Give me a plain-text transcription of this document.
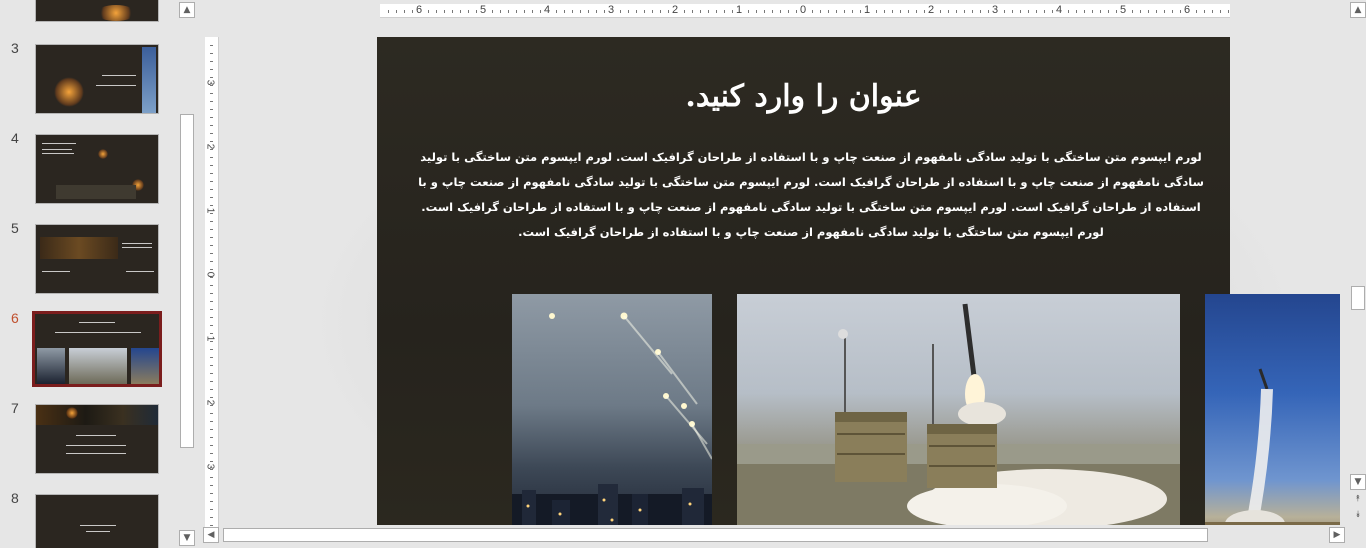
3
4
5
6
7
8
▲
▼
6	5	4	3	2	1	0	1	2	3	4	5	6
3
2
1
0
1
2
3
عنوان را وارد کنید.
لورم ایپسوم متن ساختگی با تولید سادگی نامفهوم از صنعت چاپ و با استفاده از طراحان گرافیک است. لورم ایپسوم متن ساختگی با تولید سادگی نامفهوم از صنعت چاپ و با استفاده از طراحان گرافیک است. لورم ایپسوم متن ساختگی با تولید سادگی نامفهوم از صنعت چاپ و با استفاده از طراحان گرافیک است. لورم ایپسوم متن ساختگی با تولید سادگی نامفهوم از صنعت چاپ و با استفاده از طراحان گرافیک است. لورم ایپسوم متن ساختگی با تولید سادگی نامفهوم از صنعت چاپ و با استفاده از طراحان گرافیک است.
▲
▼
⯭
⯯
◀	▶
